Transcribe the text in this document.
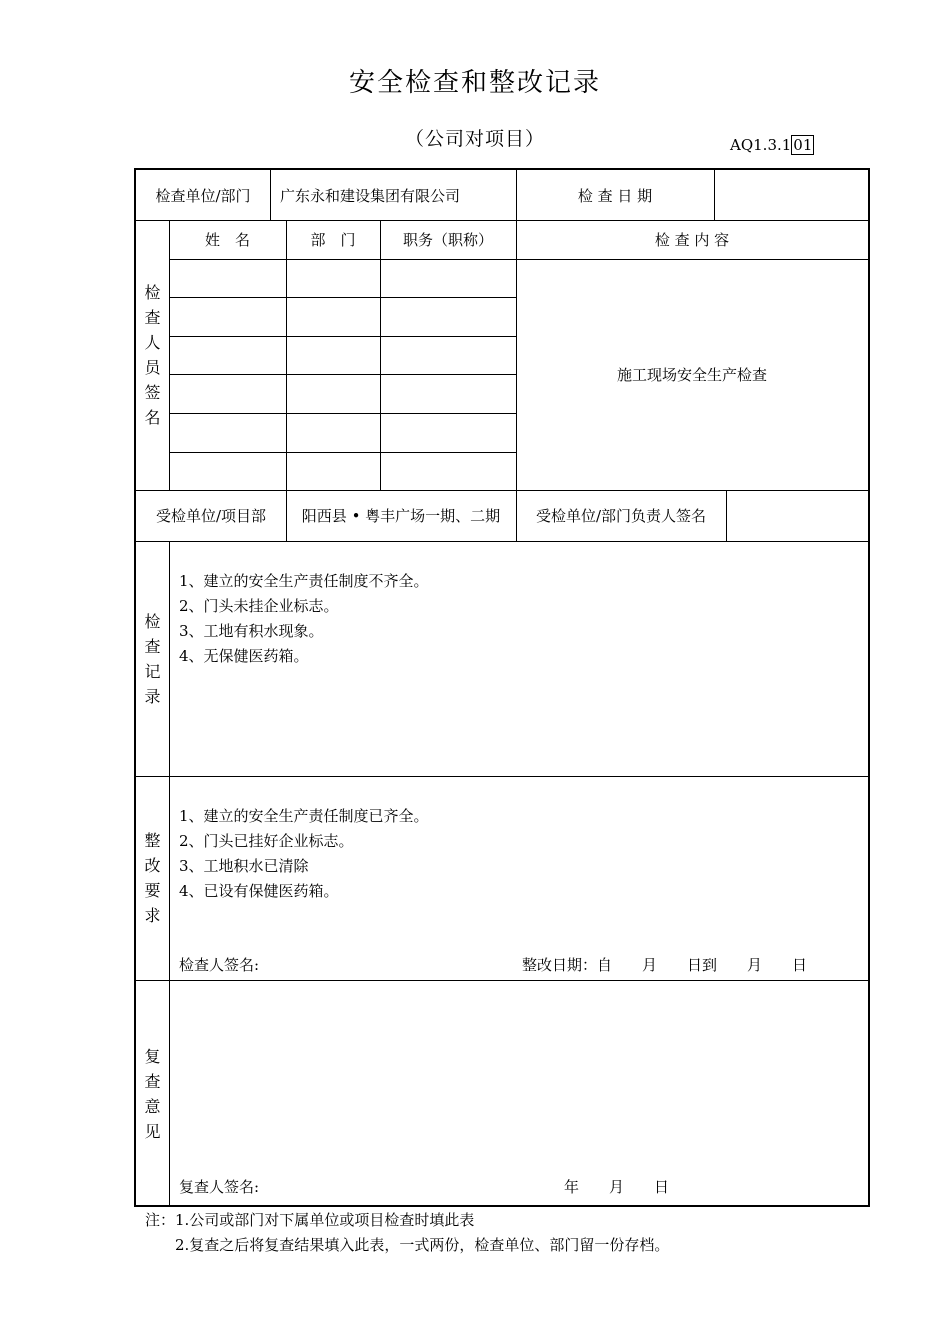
安全检查和整改记录
（公司对项目）	AQ1.3.1 01
检查单位/部门	广东永和建设集团有限公司	检 查 日 期
检
查
人
员
签
名
姓　名	部　门	职务（职称）	检 查 内 容
施工现场安全生产检查
受检单位/项目部	阳西县 • 粤丰广场一期、二期	受检单位/部门负责人签名
检
查
记
录
1、建立的安全生产责任制度不齐全。
2、门头未挂企业标志。
3、工地有积水现象。
4、无保健医药箱。
整
改
要
求
1、建立的安全生产责任制度已齐全。
2、门头已挂好企业标志。
3、工地积水已清除
4、已设有保健医药箱。
检查人签名:	整改日期：自　　月　　日到　　月　　日
复
查
意
见
复查人签名:	年　　月　　日
注：1.公司或部门对下属单位或项目检查时填此表
　　2.复查之后将复查结果填入此表，一式两份，检查单位、部门留一份存档。
